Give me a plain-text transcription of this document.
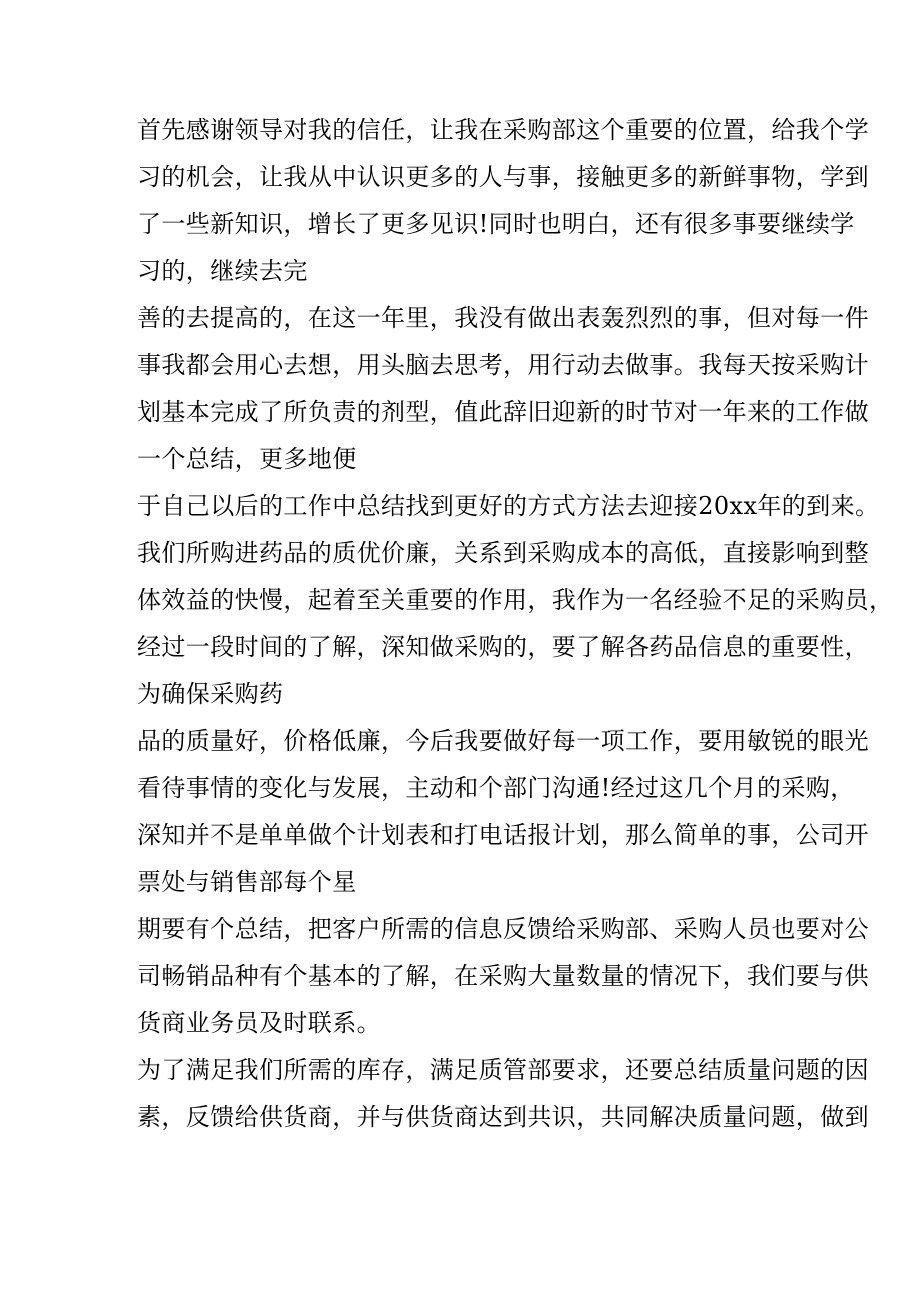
首先感谢领导对我的信任，让我在采购部这个重要的位置，给我个学
习的机会，让我从中认识更多的人与事，接触更多的新鲜事物，学到
了一些新知识，增长了更多见识!同时也明白，还有很多事要继续学
习的，继续去完
善的去提高的，在这一年里，我没有做出表轰烈烈的事，但对每一件
事我都会用心去想，用头脑去思考，用行动去做事。我每天按采购计
划基本完成了所负责的剂型，值此辞旧迎新的时节对一年来的工作做
一个总结，更多地便
于自己以后的工作中总结找到更好的方式方法去迎接20xx年的到来。
我们所购进药品的质优价廉，关系到采购成本的高低，直接影响到整
体效益的快慢，起着至关重要的作用，我作为一名经验不足的采购员，
经过一段时间的了解，深知做采购的，要了解各药品信息的重要性，
为确保采购药
品的质量好，价格低廉，今后我要做好每一项工作，要用敏锐的眼光
看待事情的变化与发展，主动和个部门沟通!经过这几个月的采购，
深知并不是单单做个计划表和打电话报计划，那么简单的事，公司开
票处与销售部每个星
期要有个总结，把客户所需的信息反馈给采购部、采购人员也要对公
司畅销品种有个基本的了解，在采购大量数量的情况下，我们要与供
货商业务员及时联系。
为了满足我们所需的库存，满足质管部要求，还要总结质量问题的因
素，反馈给供货商，并与供货商达到共识，共同解决质量问题，做到
